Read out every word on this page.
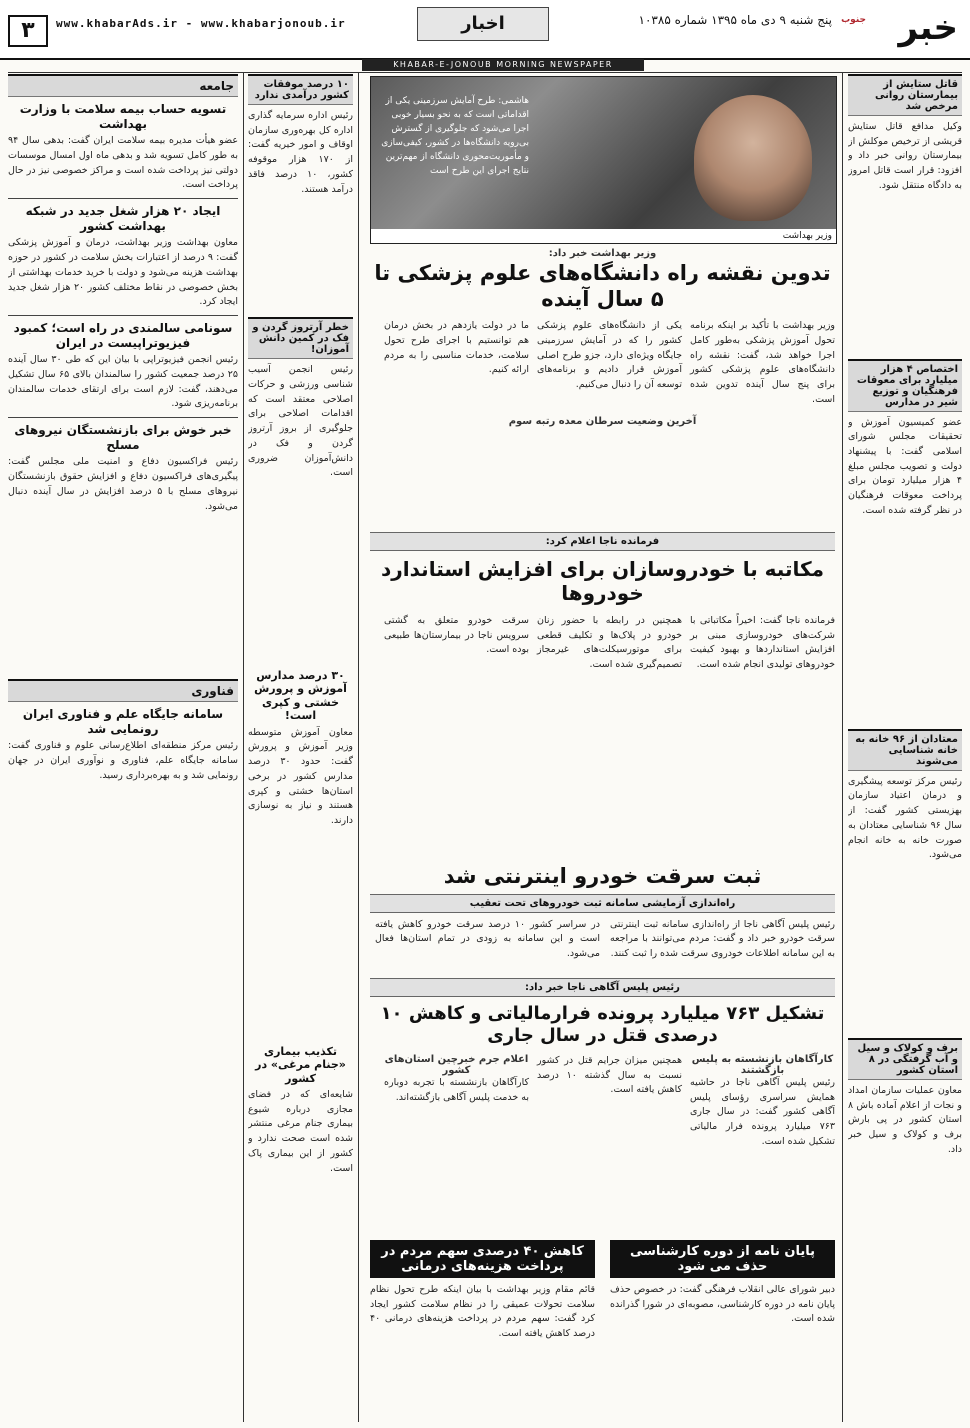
خبر
جنوب
پنج شنبه ۹ دی ماه ۱۳۹۵ شماره ۱۰۳۸۵
اخبار
www.khabarAds.ir - www.khabarjonoub.ir
۳
KHABAR-E-JONOUB MORNING NEWSPAPER
جامعه
تسویه حساب بیمه سلامت با وزارت بهداشت
عضو هیأت مدیره بیمه سلامت ایران گفت: بدهی سال ۹۴ به طور کامل تسویه شد و بدهی ماه اول امسال موسسات دولتی نیز پرداخت شده است و مراکز خصوصی نیز در حال پرداخت است.
ایجاد ۲۰ هزار شغل جدید در شبکه بهداشت کشور
معاون بهداشت وزیر بهداشت، درمان و آموزش پزشکی گفت: ۹ درصد از اعتبارات بخش سلامت در کشور در حوزه بهداشت هزینه می‌شود و دولت با خرید خدمات بهداشتی از بخش خصوصی در نقاط مختلف کشور ۲۰ هزار شغل جدید ایجاد کرد.
سونامی سالمندی در راه است؛ کمبود فیزیوتراپیست در ایران
رئیس انجمن فیزیوتراپی با بیان این که طی ۳۰ سال آینده ۲۵ درصد جمعیت کشور را سالمندان بالای ۶۵ سال تشکیل می‌دهند، گفت: لازم است برای ارتقای خدمات سالمندان برنامه‌ریزی شود.
خبر خوش برای بازنشستگان نیروهای مسلح
رئیس فراکسیون دفاع و امنیت ملی مجلس گفت: پیگیری‌های فراکسیون دفاع و افزایش حقوق بازنشستگان نیروهای مسلح با ۵ درصد افزایش در سال آینده دنبال می‌شود.
فناوری
سامانه جایگاه علم و فناوری ایران رونمایی شد
رئیس مرکز منطقه‌ای اطلاع‌رسانی علوم و فناوری گفت: سامانه جایگاه علم، فناوری و نوآوری ایران در جهان رونمایی شد و به بهره‌برداری رسید.
۱۰ درصد موفقات کشور درآمدی ندارد
رئیس اداره سرمایه گذاری اداره کل بهره‌وری سازمان اوقاف و امور خیریه گفت: از ۱۷۰ هزار موقوفه کشور، ۱۰ درصد فاقد درآمد هستند.
خطر آرتروز گردن و فک در کمین دانش آموزان!
رئیس انجمن آسیب شناسی ورزشی و حرکات اصلاحی معتقد است که اقدامات اصلاحی برای جلوگیری از بروز آرتروز گردن و فک در دانش‌آموزان ضروری است.
۳۰ درصد مدارس آموزش و پرورش خشتی و کپری است!
معاون آموزش متوسطه وزیر آموزش و پرورش گفت: حدود ۳۰ درصد مدارس کشور در برخی استان‌ها خشتی و کپری هستند و نیاز به نوسازی دارند.
تکذیب بیماری «جنام مرغی» در کشور
شایعه‌ای که در فضای مجازی درباره شیوع بیماری جنام مرغی منتشر شده است صحت ندارد و کشور از این بیماری پاک است.
هاشمی: طرح آمایش سرزمینی یکی از اقداماتی است که به نحو بسیار خوبی اجرا می‌شود که جلوگیری از گسترش بی‌رویه دانشگاه‌ها در کشور، کیفی‌سازی و مأموریت‌محوری دانشگاه از مهم‌ترین نتایج اجرای این طرح است
وزیر بهداشت
وزیر بهداشت خبر داد:
تدوین نقشه راه دانشگاه‌های علوم پزشکی تا ۵ سال آینده
وزیر بهداشت با تأکید بر اینکه برنامه تحول آموزش پزشکی به‌طور کامل اجرا خواهد شد، گفت: نقشه راه دانشگاه‌های علوم پزشکی کشور برای پنج سال آینده تدوین شده است.
یکی از دانشگاه‌های علوم پزشکی کشور را که در آمایش سرزمینی جایگاه ویژه‌ای دارد، جزو طرح اصلی آموزش قرار دادیم و برنامه‌های توسعه آن را دنبال می‌کنیم.
ما در دولت یازدهم در بخش درمان هم توانستیم با اجرای طرح تحول سلامت، خدمات مناسبی را به مردم ارائه کنیم.
آخرین وضعیت سرطان معده رتبه سوم
فرمانده ناجا اعلام کرد:
مکاتبه با خودروسازان برای افزایش استاندارد خودروها
فرمانده ناجا گفت: اخیراً مکاتباتی با شرکت‌های خودروسازی مبنی بر افزایش استانداردها و بهبود کیفیت خودروهای تولیدی انجام شده است.
همچنین در رابطه با حضور زنان خودرو در پلاک‌ها و تکلیف قطعی برای موتورسیکلت‌های غیرمجاز تصمیم‌گیری شده است.
سرقت خودرو متعلق به گشتی سرویس ناجا در بیمارستان‌ها طبیعی بوده است.
ثبت سرقت خودرو اینترنتی شد
راه‌اندازی آزمایشی سامانه ثبت خودروهای تحت تعقیب
رئیس پلیس آگاهی ناجا از راه‌اندازی سامانه ثبت اینترنتی سرقت خودرو خبر داد و گفت: مردم می‌توانند با مراجعه به این سامانه اطلاعات خودروی سرقت شده را ثبت کنند.
در سراسر کشور ۱۰ درصد سرقت خودرو کاهش یافته است و این سامانه به زودی در تمام استان‌ها فعال می‌شود.
رئیس پلیس آگاهی ناجا خبر داد:
تشکیل ۷۶۳ میلیارد پرونده فرارمالیاتی و کاهش ۱۰ درصدی قتل در سال جاری
کارآگاهان بازنشسته به پلیس بازگشتند
رئیس پلیس آگاهی ناجا در حاشیه همایش سراسری رؤسای پلیس آگاهی کشور گفت: در سال جاری ۷۶۳ میلیارد پرونده فرار مالیاتی تشکیل شده است.
همچنین میزان جرایم قتل در کشور نسبت به سال گذشته ۱۰ درصد کاهش یافته است.
اعلام جرم خبرچین استان‌های کشور
کارآگاهان بازنشسته با تجربه دوباره به خدمت پلیس آگاهی بازگشته‌اند.
کاهش ۴۰ درصدی سهم مردم در پرداخت هزینه‌های درمانی
قائم مقام وزیر بهداشت با بیان اینکه طرح تحول نظام سلامت تحولات عمیقی را در نظام سلامت کشور ایجاد کرد گفت: سهم مردم در پرداخت هزینه‌های درمانی ۴۰ درصد کاهش یافته است.
پایان نامه از دوره کارشناسی حذف می شود
دبیر شورای عالی انقلاب فرهنگی گفت: در خصوص حذف پایان نامه در دوره کارشناسی، مصوبه‌ای در شورا گذرانده شده است.
قاتل ستایش از بیمارستان روانی مرخص شد
وکیل مدافع قاتل ستایش قریشی از ترخیص موکلش از بیمارستان روانی خبر داد و افزود: قرار است قاتل امروز به دادگاه منتقل شود.
اختصاص ۴ هزار میلیارد برای معوقات فرهنگیان و توزیع شیر در مدارس
عضو کمیسیون آموزش و تحقیقات مجلس شورای اسلامی گفت: با پیشنهاد دولت و تصویب مجلس مبلغ ۴ هزار میلیارد تومان برای پرداخت معوقات فرهنگیان در نظر گرفته شده است.
معتادان از ۹۶ خانه به خانه شناسایی می‌شوند
رئیس مرکز توسعه پیشگیری و درمان اعتیاد سازمان بهزیستی کشور گفت: از سال ۹۶ شناسایی معتادان به صورت خانه به خانه انجام می‌شود.
برف و کولاک و سیل و آب گرفتگی در ۸ استان کشور
معاون عملیات سازمان امداد و نجات از اعلام آماده باش ۸ استان کشور در پی بارش برف و کولاک و سیل خبر داد.
